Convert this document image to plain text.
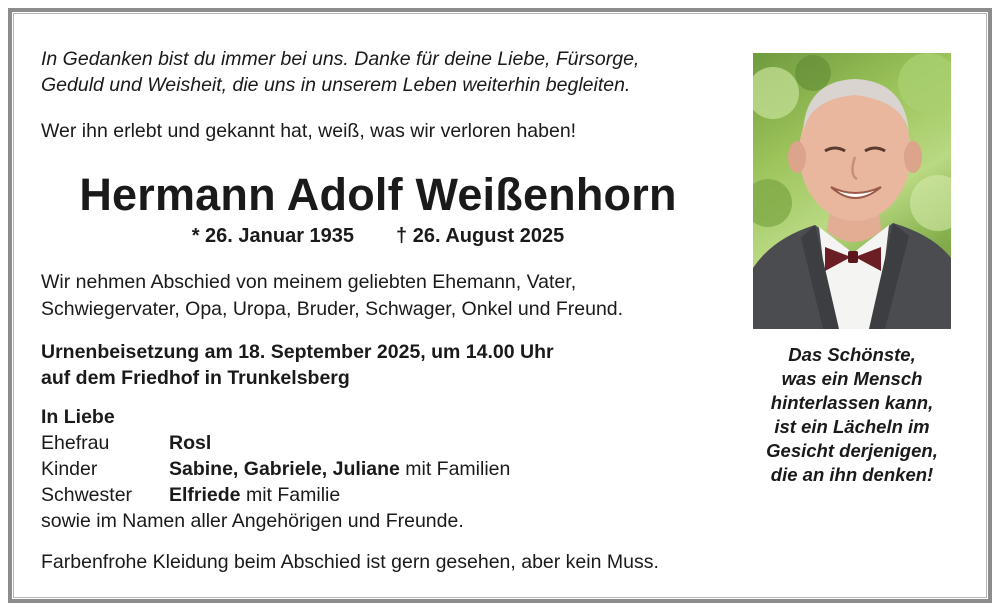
In Gedanken bist du immer bei uns. Danke für deine Liebe, Fürsorge,
Geduld und Weisheit, die uns in unserem Leben weiterhin begleiten.
Wer ihn erlebt und gekannt hat, weiß, was wir verloren haben!
Hermann Adolf Weißenhorn
* 26. Januar 1935 † 26. August 2025
Wir nehmen Abschied von meinem geliebten Ehemann, Vater,
Schwiegervater, Opa, Uropa, Bruder, Schwager, Onkel und Freund.
Urnenbeisetzung am 18. September 2025, um 14.00 Uhr
auf dem Friedhof in Trunkelsberg
In Liebe
Ehefrau	Rosl
Kinder	Sabine, Gabriele, Juliane mit Familien
Schwester Elfriede mit Familie
sowie im Namen aller Angehörigen und Freunde.
Farbenfrohe Kleidung beim Abschied ist gern gesehen, aber kein Muss.
Das Schönste,
was ein Mensch
hinterlassen kann,
ist ein Lächeln im
Gesicht derjenigen,
die an ihn denken!
